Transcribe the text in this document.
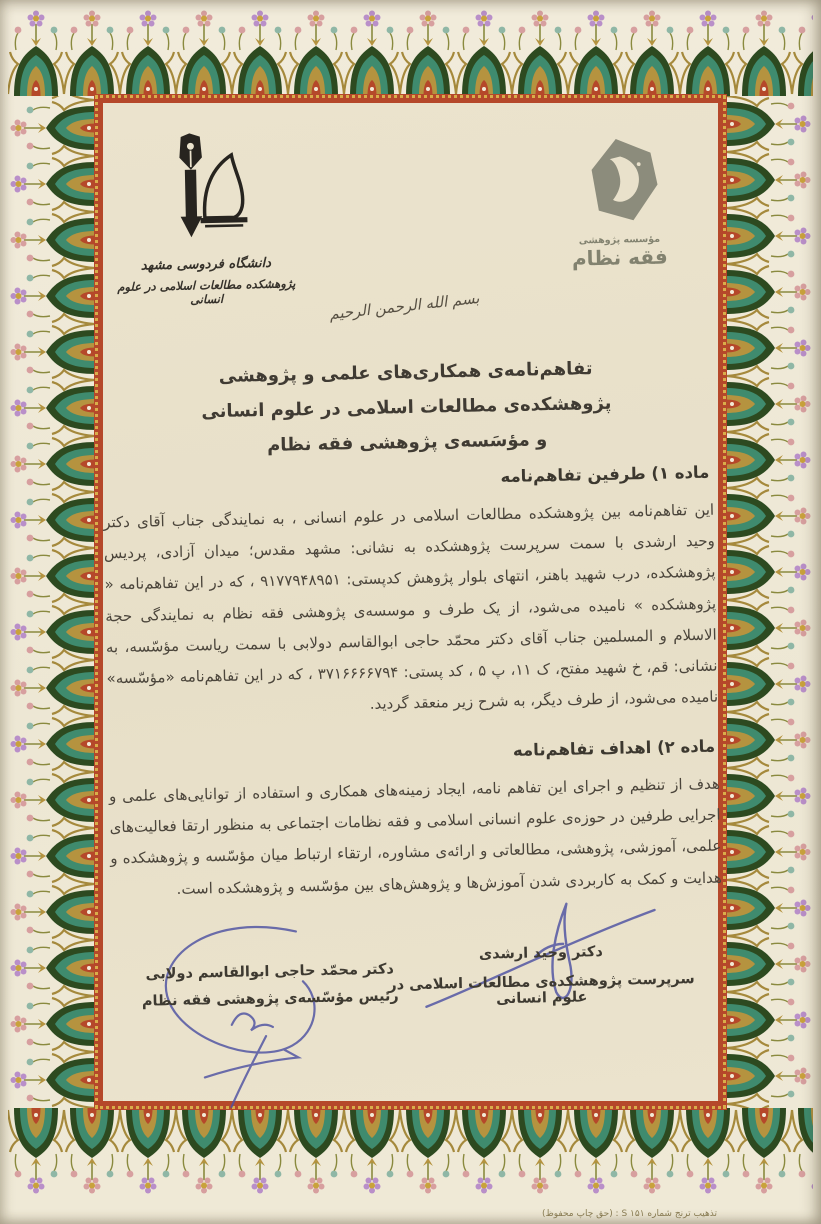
دانشگاه فردوسی مشهد
پژوهشکده مطالعات اسلامی در علوم انسانی
مؤسسه پژوهشی
فقه نظام
بسم الله الرحمن الرحیم
تفاهم‌نامه‌ی همکاری‌های علمی و پژوهشی
پژوهشکده‌ی مطالعات اسلامی در علوم انسانی
و مؤسَسه‌ی پژوهشی فقه نظام
ماده ۱) طرفین تفاهم‌نامه
این تفاهم‌نامه بین پژوهشکده مطالعات اسلامی در علوم انسانی ، به نمایندگی جناب آقای دکتر وحید ارشدی با سمت سرپرست پژوهشکده به نشانی: مشهد مقدس؛ میدان آزادی، پردیس پژوهشکده، درب شهید باهنر، انتهای بلوار پژوهش کدپستی: ۹۱۷۷۹۴۸۹۵۱ ، که در این تفاهم‌نامه « پژوهشکده » نامیده می‌شود، از یک طرف و موسسه‌ی پژوهشی فقه نظام به نمایندگی حجة الاسلام و المسلمین جناب آقای دکتر محمّد حاجی ابوالقاسم دولابی با سمت ریاست مؤسّسه، به نشانی: قم، خ شهید مفتح، ک ۱۱، پ ۵ ، کد پستی: ۳۷۱۶۶۶۶۷۹۴ ، که در این تفاهم‌نامه «مؤسّسه» نامیده می‌شود، از طرف دیگر، به شرح زیر منعقد گردید.
ماده ۲) اهداف تفاهم‌نامه
هدف از تنظیم و اجرای این تفاهم نامه، ایجاد زمینه‌های همکاری و استفاده از توانایی‌های علمی و اجرایی طرفین در حوزه‌ی علوم انسانی اسلامی و فقه نظامات اجتماعی به منظور ارتقا فعالیت‌های علمی، آموزشی، پژوهشی، مطالعاتی و ارائه‌ی مشاوره، ارتقاء ارتباط میان مؤسّسه و پژوهشکده و هدایت و کمک به کاربردی شدن آموزش‌ها و پژوهش‌های بین مؤسّسه و پژوهشکده است.
دکتر وحید ارشدی
سرپرست پژوهشکده‌ی مطالعات اسلامی در علوم انسانی
دکتر محمّد حاجی ابوالقاسم دولابی
رئیس مؤسّسه‌ی پژوهشی فقه نظام
تذهیب ترنج شماره S ۱۵۱ : (حق چاپ محفوظ)
